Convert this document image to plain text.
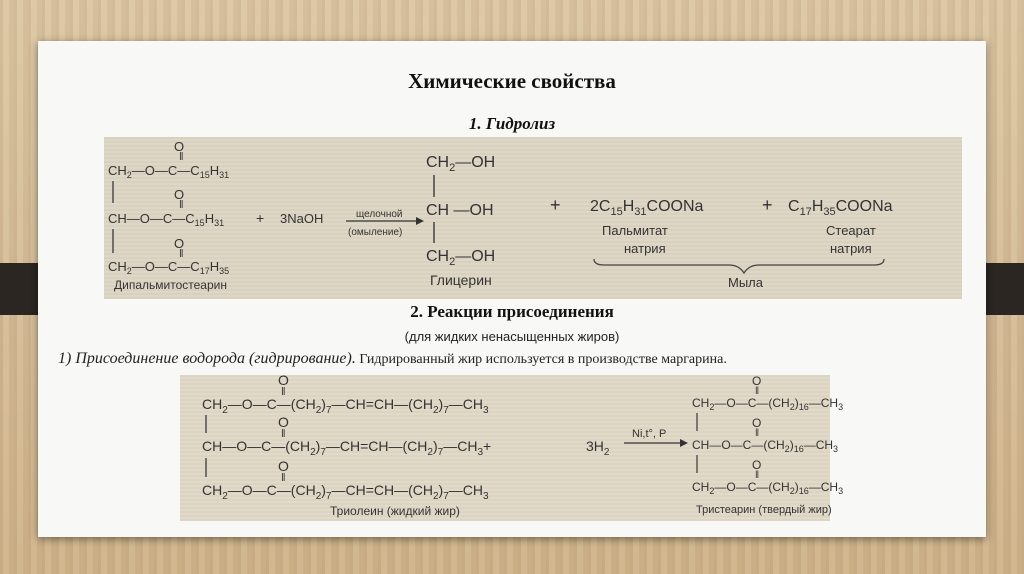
Химические свойства
1. Гидролиз
O
‖
$CH_2—O—C—C_{15}H_{31}$
O
‖
$CH—O—C—C_{15}H_{31}$
O
‖
$CH_2—O—C—C_{17}H_{35}$
Дипальмитостеарин
+ 3NaOH	щелочной
(омыление)
$CH_2—OH$
CH —OH
$CH_2—OH$
Глицерин
+ $2C_{15}H_{31}COONa$	+ $C_{17}H_{35}COONa$
Пальмитат
натрия
Стеарат
натрия
Мыла
2. Реакции присоединения
(для жидких ненасыщенных жиров)
1) Присоединение водорода (гидрирование). Гидрированный жир используется в производстве маргарина.
O
‖
$CH_2—O—C—(CH_2)_7—CH=CH—(CH_2)_7—CH_3$
O
‖
$CH—O—C—(CH_2)_7—CH=CH—(CH_2)_7—CH_3+$
O
‖
$CH_2—O—C—(CH_2)_7—CH=CH—(CH_2)_7—CH_3$
Триолеин (жидкий жир)
$3H_2$
Ni,t°, P
O
‖
$CH_2—O—C—(CH_2)_{16}—CH_3$
O
‖
$CH—O—C—(CH_2)_{16}—CH_3$
O
‖
$CH_2—O—C—(CH_2)_{16}—CH_3$
Тристеарин (твердый жир)
